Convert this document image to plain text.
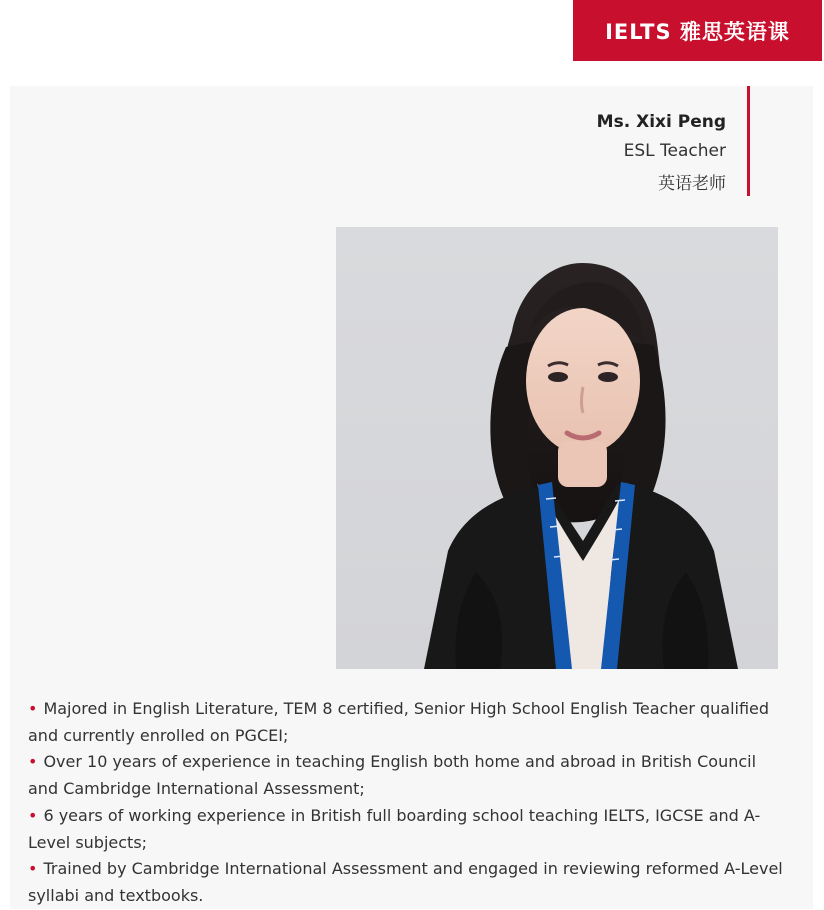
IELTS 雅思英语课
Ms. Xixi Peng
ESL Teacher
英语老师
• Majored in English Literature, TEM 8 certified, Senior High School English Teacher qualified and currently enrolled on PGCEI;
• Over 10 years of experience in teaching English both home and abroad in British Council and Cambridge International Assessment;
• 6 years of working experience in British full boarding school teaching IELTS, IGCSE and A-Level subjects;
• Trained by Cambridge International Assessment and engaged in reviewing reformed A-Level syllabi and textbooks.
